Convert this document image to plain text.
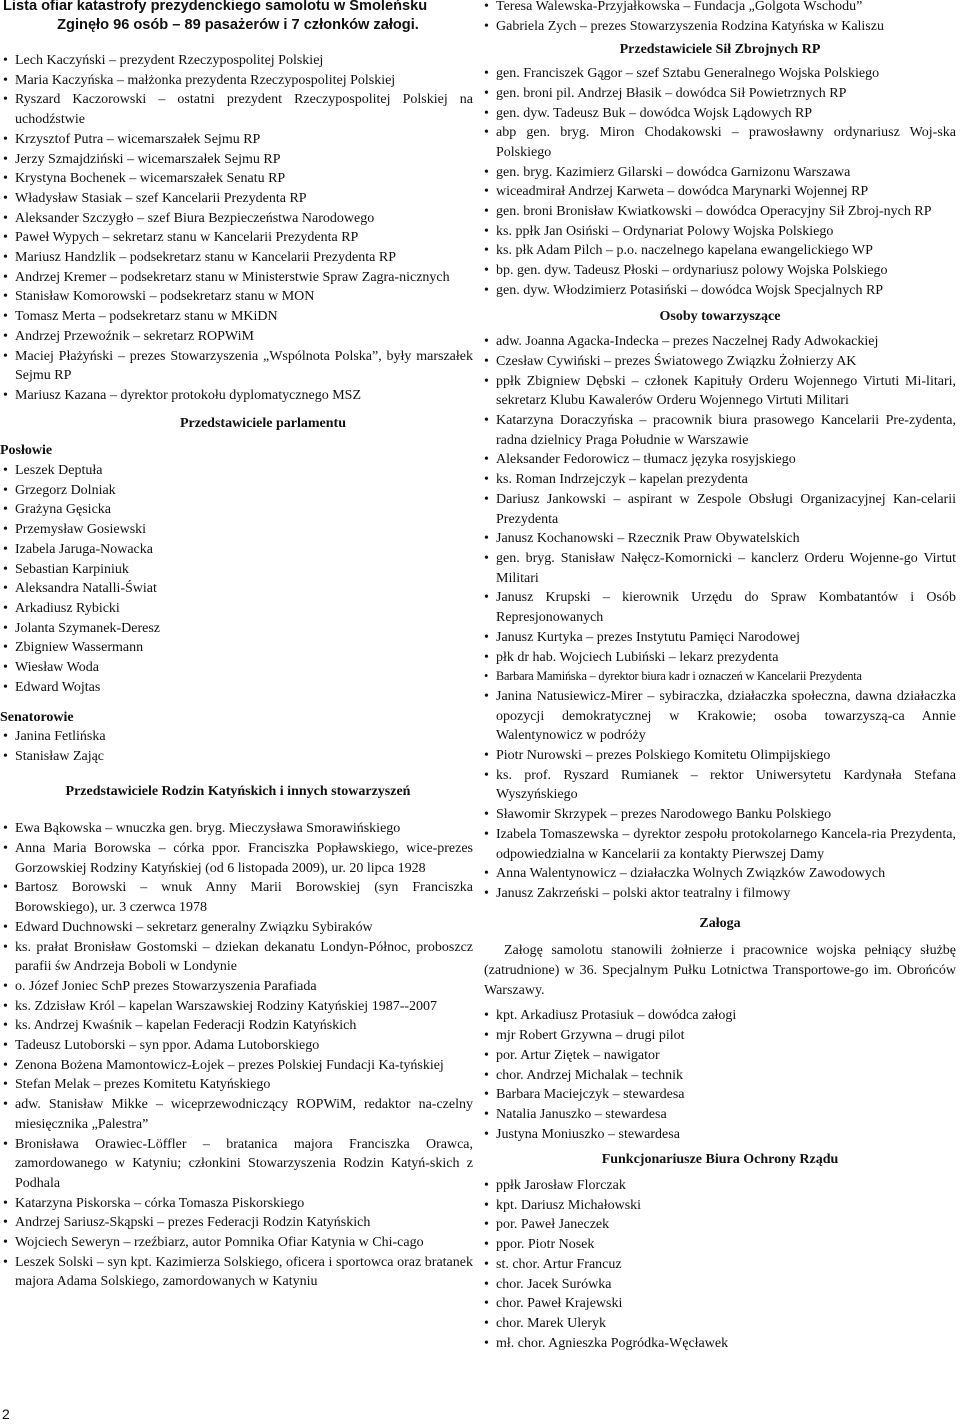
Lista ofiar katastrofy prezydenckiego samolotu w Smoleńsku
Zginęło 96 osób – 89 pasażerów i 7 członków załogi.
• Lech Kaczyński – prezydent Rzeczypospolitej Polskiej
• Maria Kaczyńska – małżonka prezydenta Rzeczypospolitej Polskiej
• Ryszard Kaczorowski – ostatni prezydent Rzeczypospolitej Polskiej na uchodźstwie
• Krzysztof Putra – wicemarszałek Sejmu RP
• Jerzy Szmajdziński – wicemarszałek Sejmu RP
• Krystyna Bochenek – wicemarszałek Senatu RP
• Władysław Stasiak – szef Kancelarii Prezydenta RP
• Aleksander Szczygło – szef Biura Bezpieczeństwa Narodowego
• Paweł Wypych – sekretarz stanu w Kancelarii Prezydenta RP
• Mariusz Handzlik – podsekretarz stanu w Kancelarii Prezydenta RP
• Andrzej Kremer – podsekretarz stanu w Ministerstwie Spraw Zagra-nicznych
• Stanisław Komorowski – podsekretarz stanu w MON
• Tomasz Merta – podsekretarz stanu w MKiDN
• Andrzej Przewoźnik – sekretarz ROPWiM
• Maciej Płażyński – prezes Stowarzyszenia „Wspólnota Polska”, były marszałek Sejmu RP
• Mariusz Kazana – dyrektor protokołu dyplomatycznego MSZ
Przedstawiciele parlamentu
Posłowie
• Leszek Deptuła
• Grzegorz Dolniak
• Grażyna Gęsicka
• Przemysław Gosiewski
• Izabela Jaruga-Nowacka
• Sebastian Karpiniuk
• Aleksandra Natalli-Świat
• Arkadiusz Rybicki
• Jolanta Szymanek-Deresz
• Zbigniew Wassermann
• Wiesław Woda
• Edward Wojtas
Senatorowie
• Janina Fetlińska
• Stanisław Zając
Przedstawiciele Rodzin Katyńskich i innych stowarzyszeń
• Ewa Bąkowska – wnuczka gen. bryg. Mieczysława Smorawińskiego
• Anna Maria Borowska – córka ppor. Franciszka Popławskiego, wice-prezes Gorzowskiej Rodziny Katyńskiej (od 6 listopada 2009), ur. 20 lipca 1928
• Bartosz Borowski – wnuk Anny Marii Borowskiej (syn Franciszka Borowskiego), ur. 3 czerwca 1978
• Edward Duchnowski – sekretarz generalny Związku Sybiraków
• ks. prałat Bronisław Gostomski – dziekan dekanatu Londyn-Północ, proboszcz parafii św Andrzeja Boboli w Londynie
• o. Józef Joniec SchP prezes Stowarzyszenia Parafiada
• ks. Zdzisław Król – kapelan Warszawskiej Rodziny Katyńskiej 1987--2007
• ks. Andrzej Kwaśnik – kapelan Federacji Rodzin Katyńskich
• Tadeusz Lutoborski – syn ppor. Adama Lutoborskiego
• Zenona Bożena Mamontowicz-Łojek – prezes Polskiej Fundacji Ka-tyńskiej
• Stefan Melak – prezes Komitetu Katyńskiego
• adw. Stanisław Mikke – wiceprzewodniczący ROPWiM, redaktor na-czelny miesięcznika „Palestra”
• Bronisława Orawiec-Löffler – bratanica majora Franciszka Orawca, zamordowanego w Katyniu; członkini Stowarzyszenia Rodzin Katyń-skich z Podhala
• Katarzyna Piskorska – córka Tomasza Piskorskiego
• Andrzej Sariusz-Skąpski – prezes Federacji Rodzin Katyńskich
• Wojciech Seweryn – rzeźbiarz, autor Pomnika Ofiar Katynia w Chi-cago
• Leszek Solski – syn kpt. Kazimierza Solskiego, oficera i sportowca oraz bratanek majora Adama Solskiego, zamordowanych w Katyniu
• Teresa Walewska-Przyjałkowska – Fundacja „Golgota Wschodu”
• Gabriela Zych – prezes Stowarzyszenia Rodzina Katyńska w Kaliszu
Przedstawiciele Sił Zbrojnych RP
• gen. Franciszek Gągor – szef Sztabu Generalnego Wojska Polskiego
• gen. broni pil. Andrzej Błasik – dowódca Sił Powietrznych RP
• gen. dyw. Tadeusz Buk – dowódca Wojsk Lądowych RP
• abp gen. bryg. Miron Chodakowski – prawosławny ordynariusz Woj-ska Polskiego
• gen. bryg. Kazimierz Gilarski – dowódca Garnizonu Warszawa
• wiceadmirał Andrzej Karweta – dowódca Marynarki Wojennej RP
• gen. broni Bronisław Kwiatkowski – dowódca Operacyjny Sił Zbroj-nych RP
• ks. ppłk Jan Osiński – Ordynariat Polowy Wojska Polskiego
• ks. płk Adam Pilch – p.o. naczelnego kapelana ewangelickiego WP
• bp. gen. dyw. Tadeusz Płoski – ordynariusz polowy Wojska Polskiego
• gen. dyw. Włodzimierz Potasiński – dowódca Wojsk Specjalnych RP
Osoby towarzyszące
• adw. Joanna Agacka-Indecka – prezes Naczelnej Rady Adwokackiej
• Czesław Cywiński – prezes Światowego Związku Żołnierzy AK
• ppłk Zbigniew Dębski – członek Kapituły Orderu Wojennego Virtuti Mi-litari, sekretarz Klubu Kawalerów Orderu Wojennego Virtuti Militari
• Katarzyna Doraczyńska – pracownik biura prasowego Kancelarii Pre-zydenta, radna dzielnicy Praga Południe w Warszawie
• Aleksander Fedorowicz – tłumacz języka rosyjskiego
• ks. Roman Indrzejczyk – kapelan prezydenta
• Dariusz Jankowski – aspirant w Zespole Obsługi Organizacyjnej Kan-celarii Prezydenta
• Janusz Kochanowski – Rzecznik Praw Obywatelskich
• gen. bryg. Stanisław Nałęcz-Komornicki – kanclerz Orderu Wojenne-go Virtut Militari
• Janusz Krupski – kierownik Urzędu do Spraw Kombatantów i Osób Represjonowanych
• Janusz Kurtyka – prezes Instytutu Pamięci Narodowej
• płk dr hab. Wojciech Lubiński – lekarz prezydenta
• Barbara Mamińska – dyrektor biura kadr i oznaczeń w Kancelarii Prezydenta
• Janina Natusiewicz-Mirer – sybiraczka, działaczka społeczna, dawna działaczka opozycji demokratycznej w Krakowie; osoba towarzyszą-ca Annie Walentynowicz w podróży
• Piotr Nurowski – prezes Polskiego Komitetu Olimpijskiego
• ks. prof. Ryszard Rumianek – rektor Uniwersytetu Kardynała Stefana Wyszyńskiego
• Sławomir Skrzypek – prezes Narodowego Banku Polskiego
• Izabela Tomaszewska – dyrektor zespołu protokolarnego Kancela-ria Prezydenta, odpowiedzialna w Kancelarii za kontakty Pierwszej Damy
• Anna Walentynowicz – działaczka Wolnych Związków Zawodowych
• Janusz Zakrzeński – polski aktor teatralny i filmowy
Załoga

Załogę samolotu stanowili żołnierze i pracownice wojska pełniący służbę (zatrudnione) w 36. Specjalnym Pułku Lotnictwa Transportowe-go im. Obrońców Warszawy.

• kpt. Arkadiusz Protasiuk – dowódca załogi
• mjr Robert Grzywna – drugi pilot
• por. Artur Ziętek – nawigator
• chor. Andrzej Michalak – technik
• Barbara Maciejczyk – stewardesa
• Natalia Januszko – stewardesa
• Justyna Moniuszko – stewardesa
Funkcjonariusze Biura Ochrony Rządu
• ppłk Jarosław Florczak
• kpt. Dariusz Michałowski
• por. Paweł Janeczek
• ppor. Piotr Nosek
• st. chor. Artur Francuz
• chor. Jacek Surówka
• chor. Paweł Krajewski
• chor. Marek Uleryk
• mł. chor. Agnieszka Pogródka-Węcławek
2
